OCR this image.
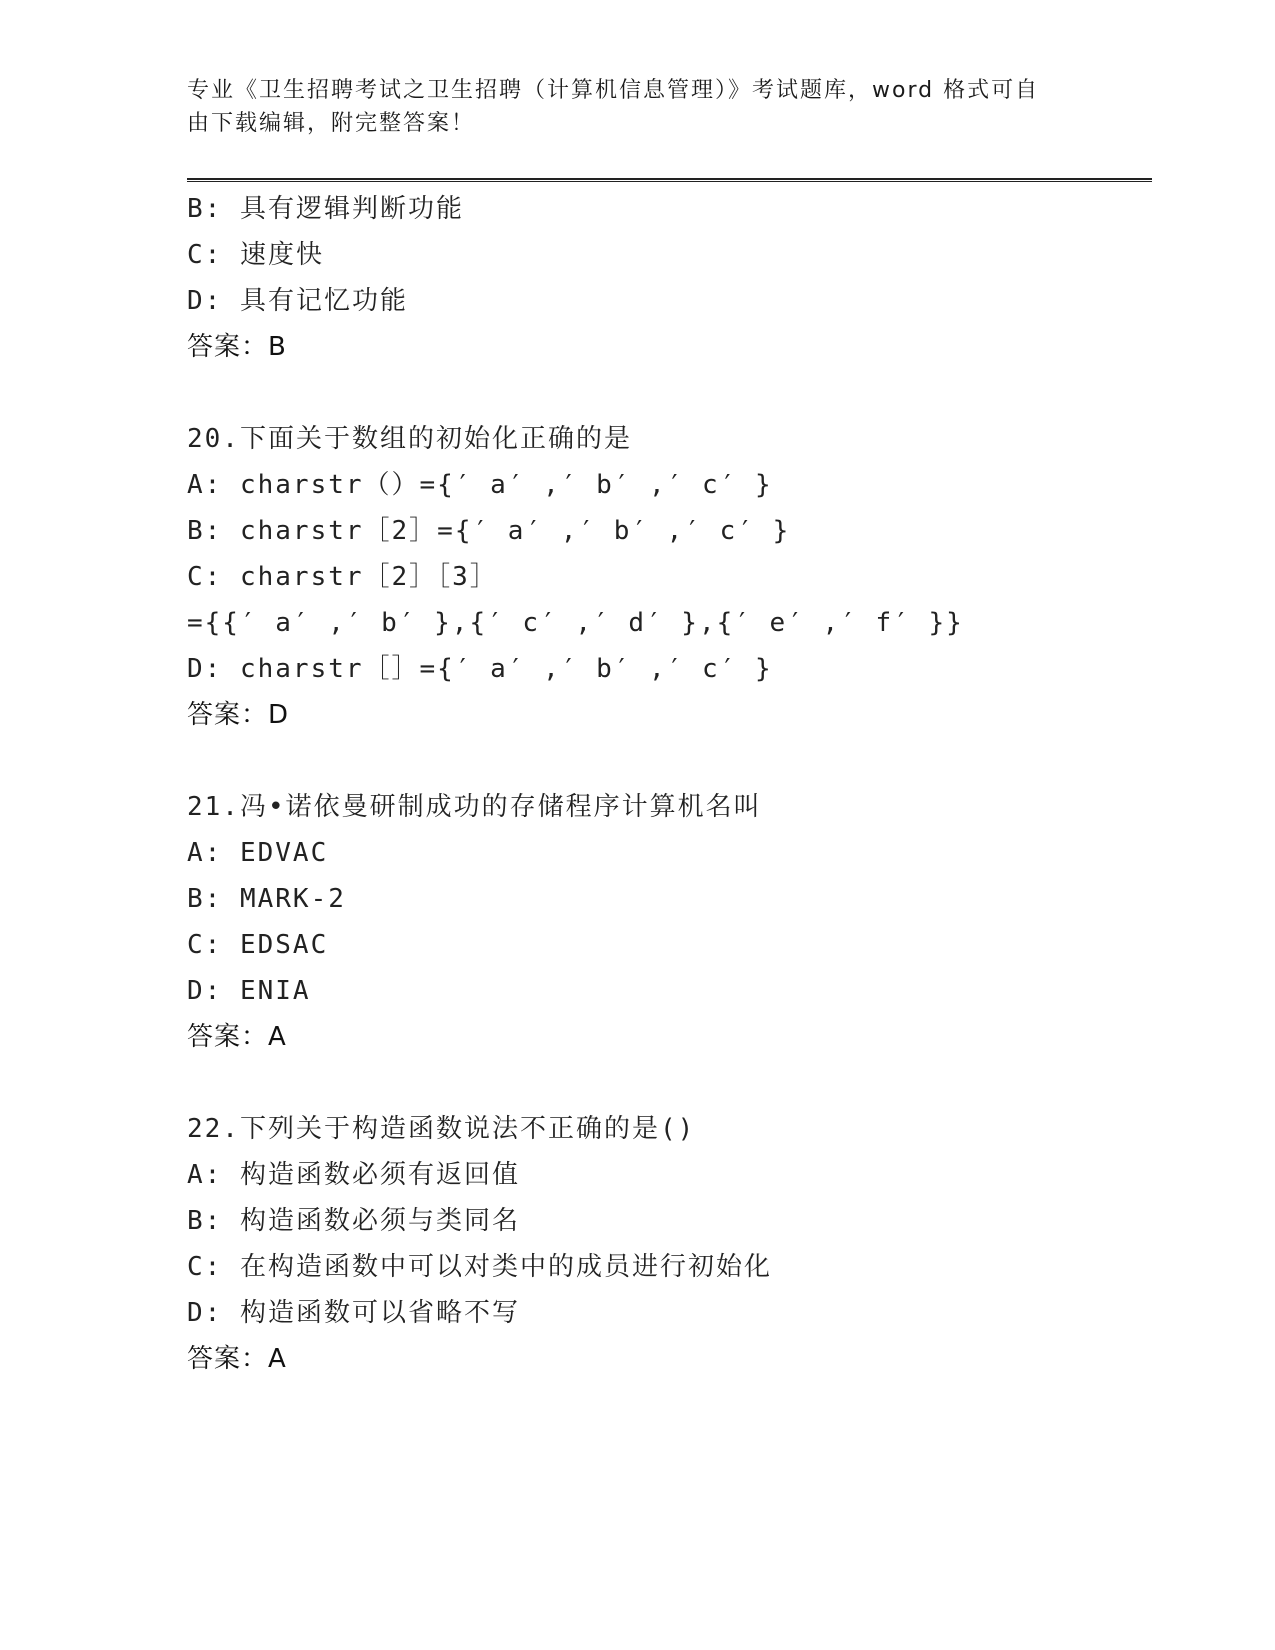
专业《卫生招聘考试之卫生招聘（计算机信息管理）》考试题库，word 格式可自
由下载编辑，附完整答案！
B: 具有逻辑判断功能
C: 速度快
D: 具有记忆功能
答案：B
20.下面关于数组的初始化正确的是
A: charstr（）={′ a′ ,′ b′ ,′ c′ }
B: charstr［2］={′ a′ ,′ b′ ,′ c′ }
C: charstr［2］［3］
={{′ a′ ,′ b′ },{′ c′ ,′ d′ },{′ e′ ,′ f′ }}
D: charstr［］={′ a′ ,′ b′ ,′ c′ }
答案：D
21.冯•诺依曼研制成功的存储程序计算机名叫
A: EDVAC
B: MARK-2
C: EDSAC
D: ENIA
答案：A
22.下列关于构造函数说法不正确的是()
A: 构造函数必须有返回值
B: 构造函数必须与类同名
C: 在构造函数中可以对类中的成员进行初始化
D: 构造函数可以省略不写
答案：A
